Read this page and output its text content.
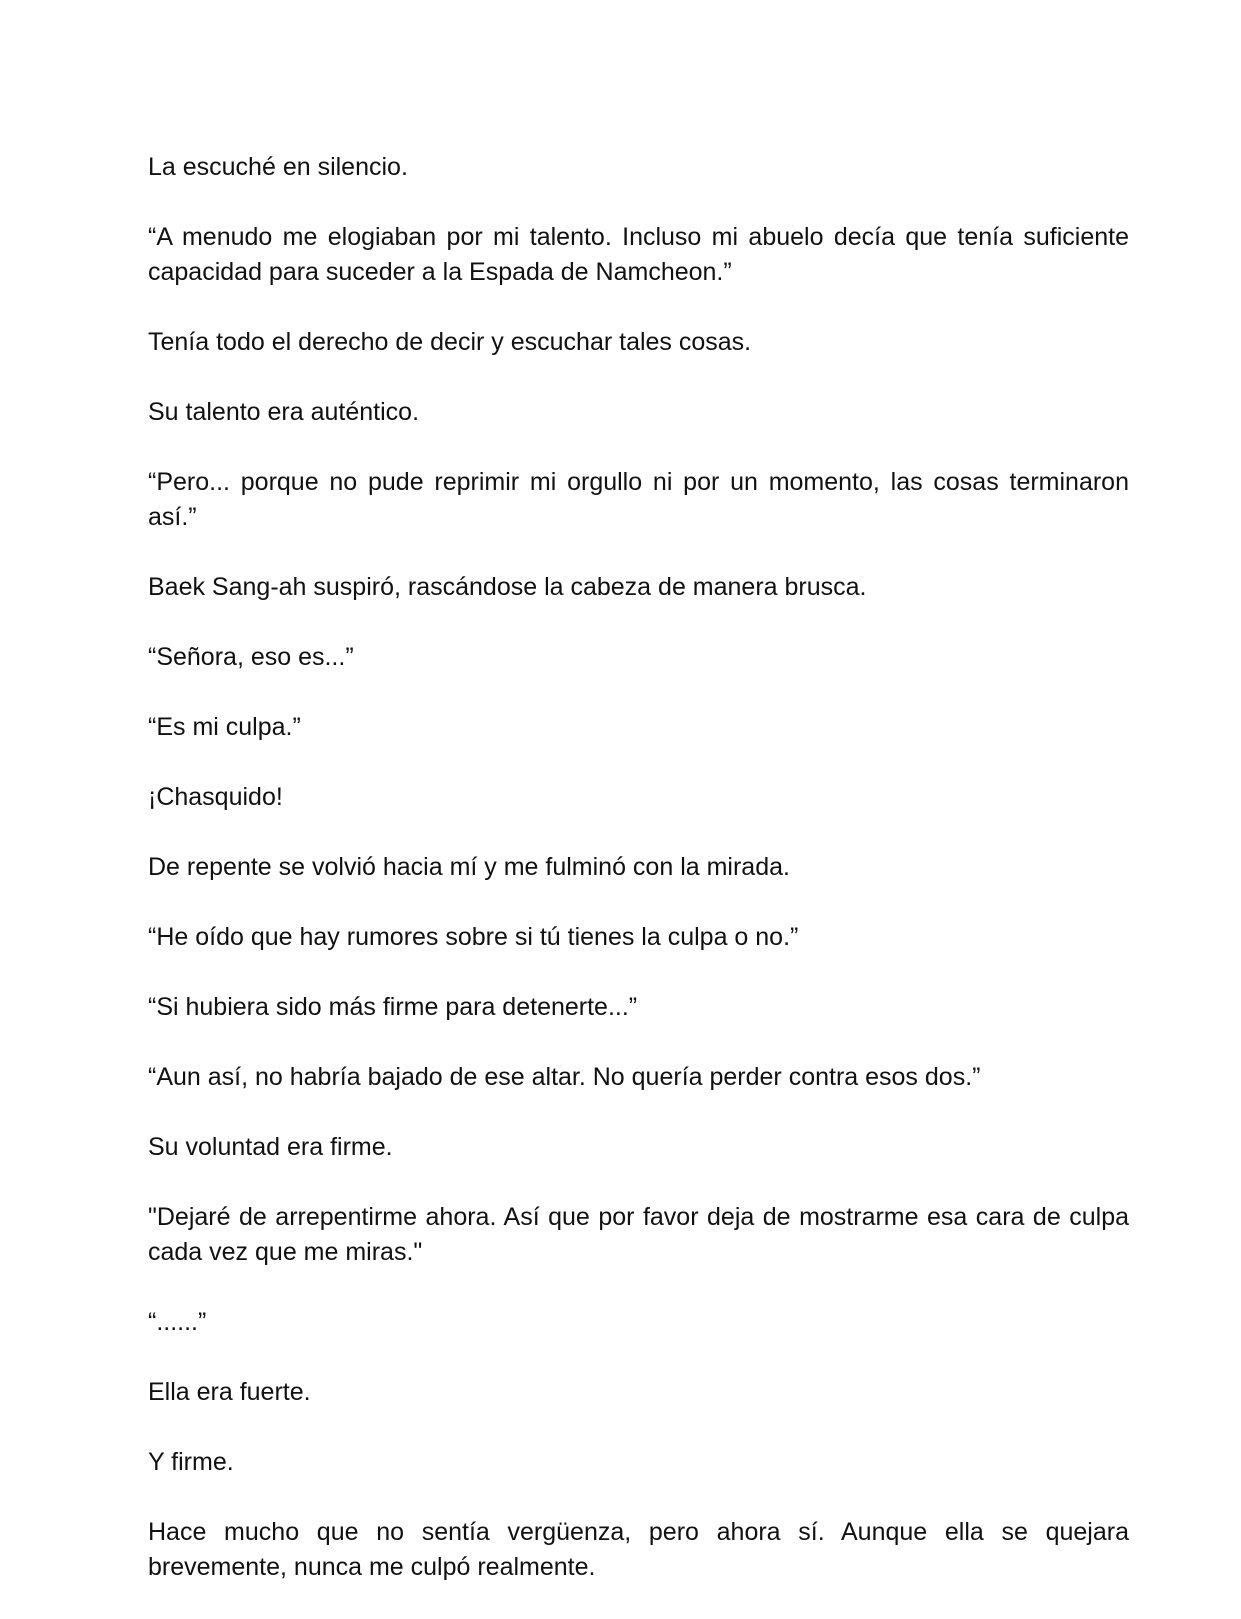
La escuché en silencio.

“A menudo me elogiaban por mi talento. Incluso mi abuelo decía que tenía suficiente capacidad para suceder a la Espada de Namcheon.”

Tenía todo el derecho de decir y escuchar tales cosas.

Su talento era auténtico.

“Pero... porque no pude reprimir mi orgullo ni por un momento, las cosas terminaron así.”

Baek Sang-ah suspiró, rascándose la cabeza de manera brusca.

“Señora, eso es...”

“Es mi culpa.”

¡Chasquido!

De repente se volvió hacia mí y me fulminó con la mirada.

“He oído que hay rumores sobre si tú tienes la culpa o no.”

“Si hubiera sido más firme para detenerte...”

“Aun así, no habría bajado de ese altar. No quería perder contra esos dos.”

Su voluntad era firme.

"Dejaré de arrepentirme ahora. Así que por favor deja de mostrarme esa cara de culpa cada vez que me miras."

“......”

Ella era fuerte.

Y firme.

Hace mucho que no sentía vergüenza, pero ahora sí. Aunque ella se quejara brevemente, nunca me culpó realmente.
